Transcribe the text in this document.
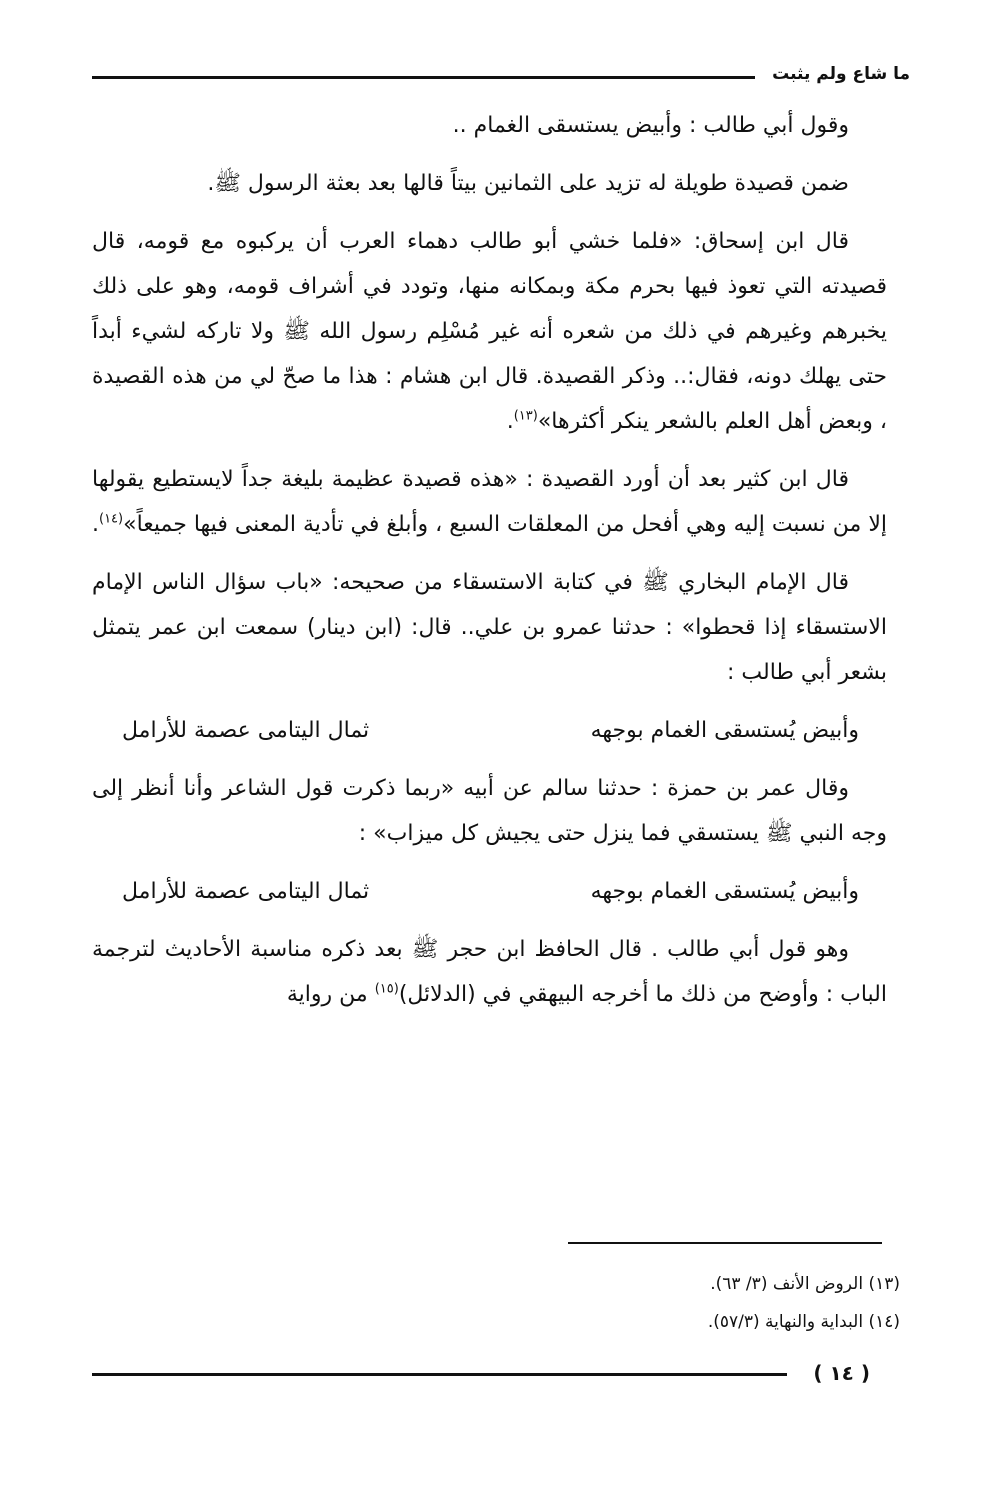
ما شاع ولم يثبت

وقول أبي طالب : وأبيض يستسقى الغمام ..

ضمن قصيدة طويلة له تزيد على الثمانين بيتاً قالها بعد بعثة الرسول ﷺ.

قال ابن إسحاق: «فلما خشي أبو طالب دهماء العرب أن يركبوه مع قومه، قال قصيدته التي تعوذ فيها بحرم مكة وبمكانه منها، وتودد في أشراف قومه، وهو على ذلك يخبرهم وغيرهم في ذلك من شعره أنه غير مُسْلِم رسول الله ﷺ ولا تاركه لشيء أبداً حتى يهلك دونه، فقال:.. وذكر القصيدة. قال ابن هشام : هذا ما صحّ لي من هذه القصيدة ، وبعض أهل العلم بالشعر ينكر أكثرها»$^{(١٣)}$.

قال ابن كثير بعد أن أورد القصيدة : «هذه قصيدة عظيمة بليغة جداً لايستطيع يقولها إلا من نسبت إليه وهي أفحل من المعلقات السبع ، وأبلغ في تأدية المعنى فيها جميعاً»$^{(١٤)}$.

قال الإمام البخاري ﷺ في كتابة الاستسقاء من صحيحه: «باب سؤال الناس الإمام الاستسقاء إذا قحطوا» : حدثنا عمرو بن علي.. قال: (ابن دينار) سمعت ابن عمر يتمثل بشعر أبي طالب :

وأبيض يُستسقى الغمام بوجهه
ثمال اليتامى عصمة للأرامل

وقال عمر بن حمزة : حدثنا سالم عن أبيه «ربما ذكرت قول الشاعر وأنا أنظر إلى وجه النبي ﷺ يستسقي فما ينزل حتى يجيش كل ميزاب» :

وأبيض يُستسقى الغمام بوجهه
ثمال اليتامى عصمة للأرامل

وهو قول أبي طالب . قال الحافظ ابن حجر ﷺ بعد ذكره مناسبة الأحاديث لترجمة الباب : وأوضح من ذلك ما أخرجه البيهقي في (الدلائل)$^{(١٥)}$ من رواية

(١٣) الروض الأنف (٣/ ٦٣).
(١٤) البداية والنهاية (٥٧/٣).
( ١٤ )
